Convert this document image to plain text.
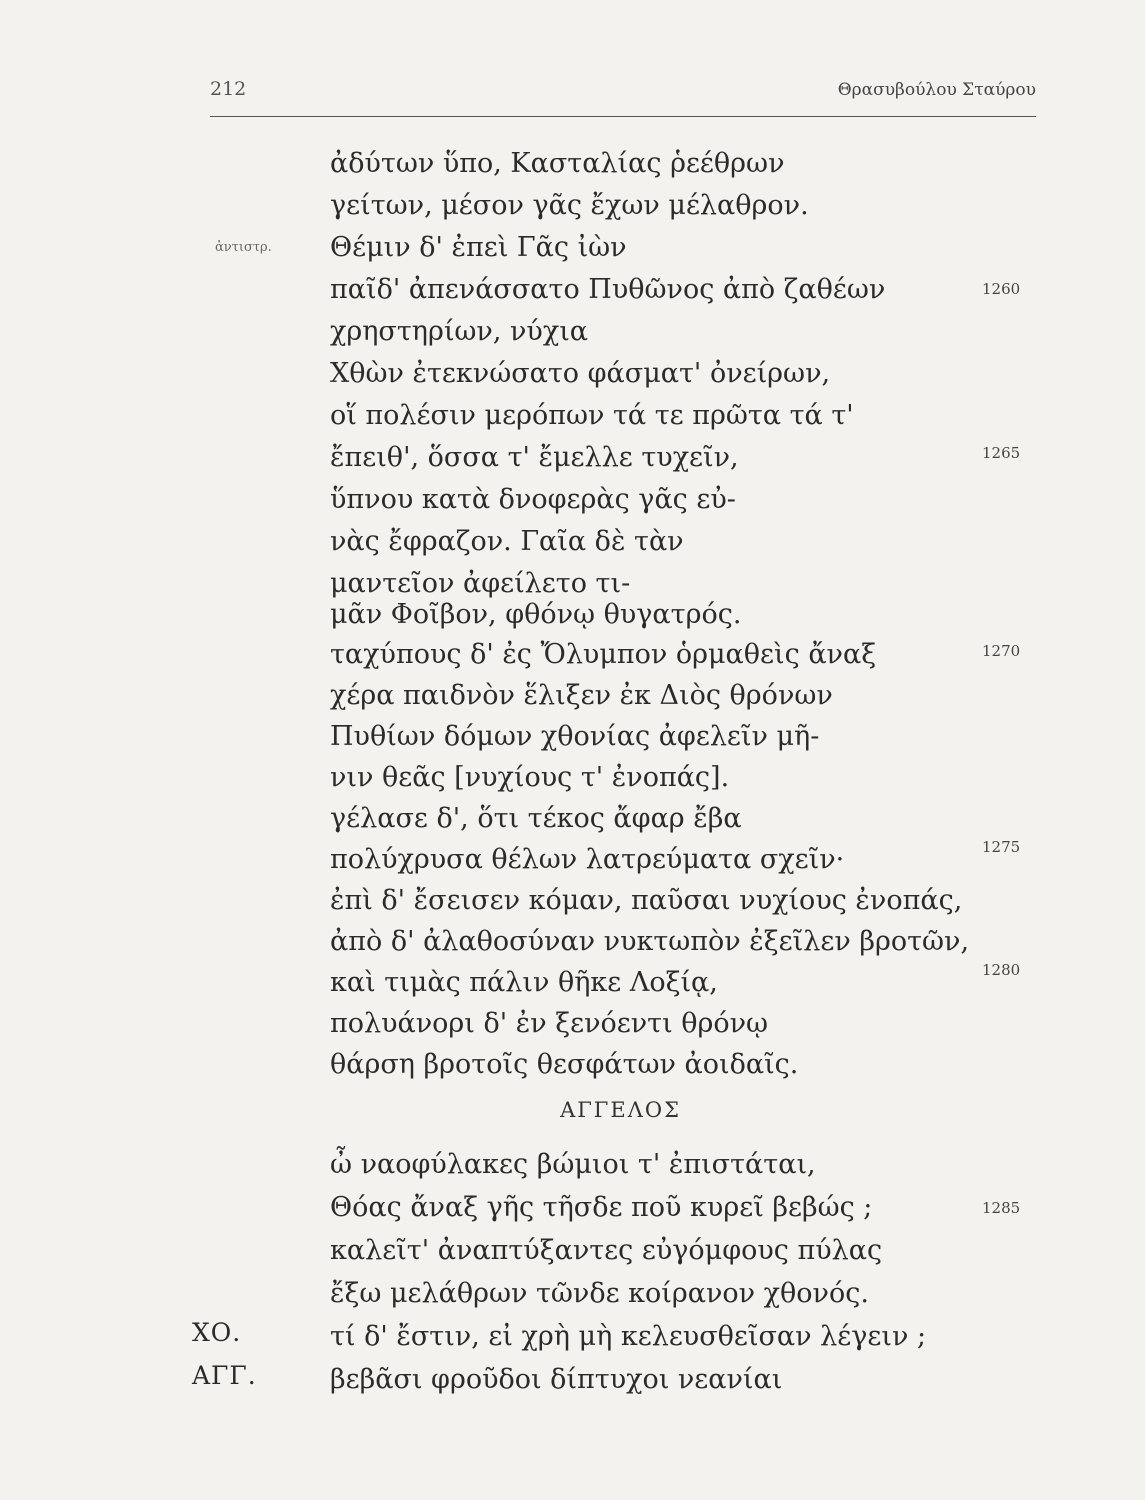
212	Θρασυβούλου Σταύρου
ἀντιστρ.
ἀδύτων ὕπο, Κασταλίας ῥεέθρων
γείτων, μέσον γᾶς ἔχων μέλαθρον.
Θέμιν δ' ἐπεὶ Γᾶς ἰὼν
παῖδ' ἀπενάσσατο Πυθῶνος ἀπὸ ζαθέων
χρηστηρίων, νύχια
Χθὼν ἐτεκνώσατο φάσματ' ὀνείρων,
οἵ πολέσιν μερόπων τά τε πρῶτα τά τ'
ἔπειθ', ὅσσα τ' ἔμελλε τυχεῖν,
ὕπνου κατὰ δνοφερὰς γᾶς εὐ-
νὰς ἔφραζον. Γαῖα δὲ τὰν
μαντεῖον ἀφείλετο τι-
μᾶν Φοῖβον, φθόνῳ θυγατρός.
ταχύπους δ' ἐς Ὄλυμπον ὁρμαθεὶς ἄναξ
χέρα παιδνὸν ἕλιξεν ἐκ Διὸς θρόνων
Πυθίων δόμων χθονίας ἀφελεῖν μῆ-
νιν θεᾶς [νυχίους τ' ἐνοπάς].
γέλασε δ', ὅτι τέκος ἄφαρ ἔβα
πολύχρυσα θέλων λατρεύματα σχεῖν·
ἐπὶ δ' ἔσεισεν κόμαν, παῦσαι νυχίους ἐνοπάς,
ἀπὸ δ' ἀλαθοσύναν νυκτωπὸν ἐξεῖλεν βροτῶν,
καὶ τιμὰς πάλιν θῆκε Λοξίᾳ,
πολυάνορι δ' ἐν ξενόεντι θρόνῳ
θάρση βροτοῖς θεσφάτων ἀοιδαῖς.
1260
1265
1270
1275
1280
1285
ΑΓΓΕΛΟΣ
ὦ ναοφύλακες βώμιοι τ' ἐπιστάται,
Θόας ἄναξ γῆς τῆσδε ποῦ κυρεῖ βεβώς ;
καλεῖτ' ἀναπτύξαντες εὐγόμφους πύλας
ἔξω μελάθρων τῶνδε κοίρανον χθονός.
τί δ' ἔστιν, εἰ χρὴ μὴ κελευσθεῖσαν λέγειν ;
βεβᾶσι φροῦδοι δίπτυχοι νεανίαι
ΧΟ.
ΑΓΓ.
